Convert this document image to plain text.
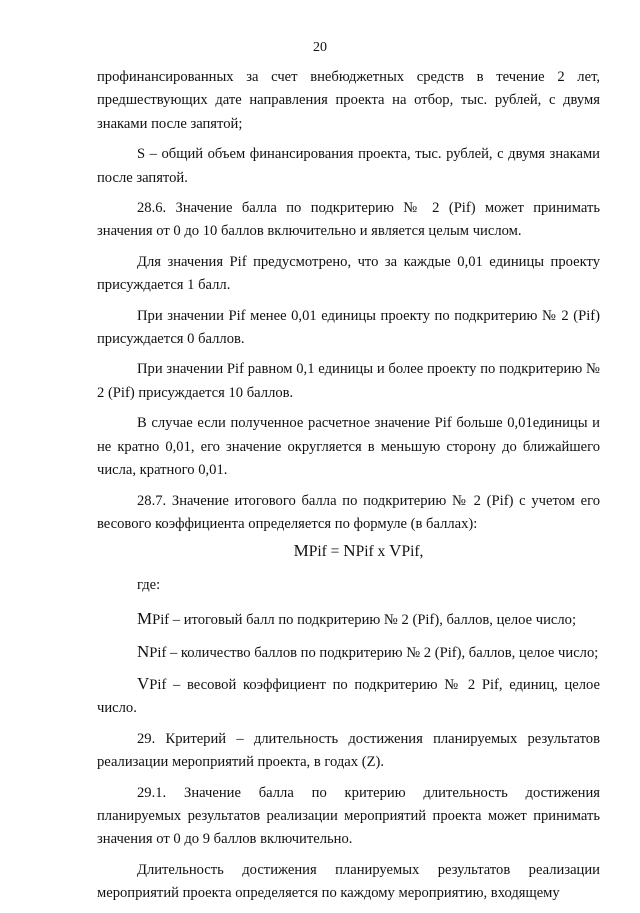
20

профинансированных за счет внебюджетных средств в течение 2 лет, предшествующих дате направления проекта на отбор, тыс. рублей, с двумя знаками после запятой;

S – общий объем финансирования проекта, тыс. рублей, с двумя знаками после запятой.

28.6. Значение балла по подкритерию № 2 (Pif) может принимать значения от 0 до 10 баллов включительно и является целым числом.

Для значения Pif предусмотрено, что за каждые 0,01 единицы проекту присуждается 1 балл.

При значении Pif менее 0,01 единицы проекту по подкритерию № 2 (Pif) присуждается 0 баллов.

При значении Pif равном 0,1 единицы и более проекту по подкритерию № 2 (Pif) присуждается 10 баллов.

В случае если полученное расчетное значение Pif больше 0,01единицы и не кратно 0,01, его значение округляется в меньшую сторону до ближайшего числа, кратного 0,01.

28.7. Значение итогового балла по подкритерию № 2 (Pif) с учетом его весового коэффициента определяется по формуле (в баллах):

MPif = NPif x VPif,

где:

MPif – итоговый балл по подкритерию № 2 (Pif), баллов, целое число;

NPif – количество баллов по подкритерию № 2 (Pif), баллов, целое число;

VPif – весовой коэффициент по подкритерию № 2 Pif, единиц, целое число.

29. Критерий – длительность достижения планируемых результатов реализации мероприятий проекта, в годах (Z).

29.1. Значение балла по критерию длительность достижения планируемых результатов реализации мероприятий проекта может принимать значения от 0 до 9 баллов включительно.

Длительность достижения планируемых результатов реализации мероприятий проекта определяется по каждому мероприятию, входящему
